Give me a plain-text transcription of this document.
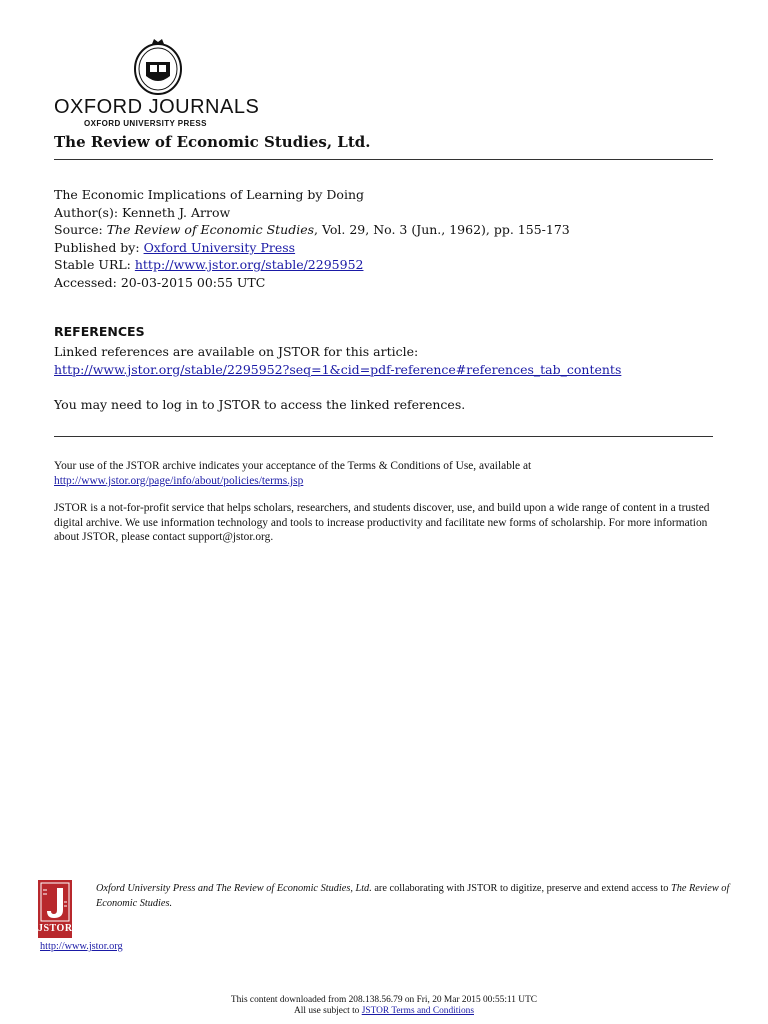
OXFORD JOURNALS
OXFORD UNIVERSITY PRESS
The Review of Economic Studies, Ltd.
The Economic Implications of Learning by Doing
Author(s): Kenneth J. Arrow
Source: The Review of Economic Studies, Vol. 29, No. 3 (Jun., 1962), pp. 155-173
Published by: Oxford University Press
Stable URL: http://www.jstor.org/stable/2295952
Accessed: 20-03-2015 00:55 UTC
REFERENCES
Linked references are available on JSTOR for this article:
http://www.jstor.org/stable/2295952?seq=1&cid=pdf-reference#references_tab_contents
You may need to log in to JSTOR to access the linked references.
Your use of the JSTOR archive indicates your acceptance of the Terms & Conditions of Use, available at
http://www.jstor.org/page/info/about/policies/terms.jsp
JSTOR is a not-for-profit service that helps scholars, researchers, and students discover, use, and build upon a wide range of content in a trusted digital archive. We use information technology and tools to increase productivity and facilitate new forms of scholarship. For more information about JSTOR, please contact support@jstor.org.
JSTOR
Oxford University Press and The Review of Economic Studies, Ltd. are collaborating with JSTOR to digitize, preserve and extend access to The Review of Economic Studies.
http://www.jstor.org
This content downloaded from 208.138.56.79 on Fri, 20 Mar 2015 00:55:11 UTC
All use subject to JSTOR Terms and Conditions
